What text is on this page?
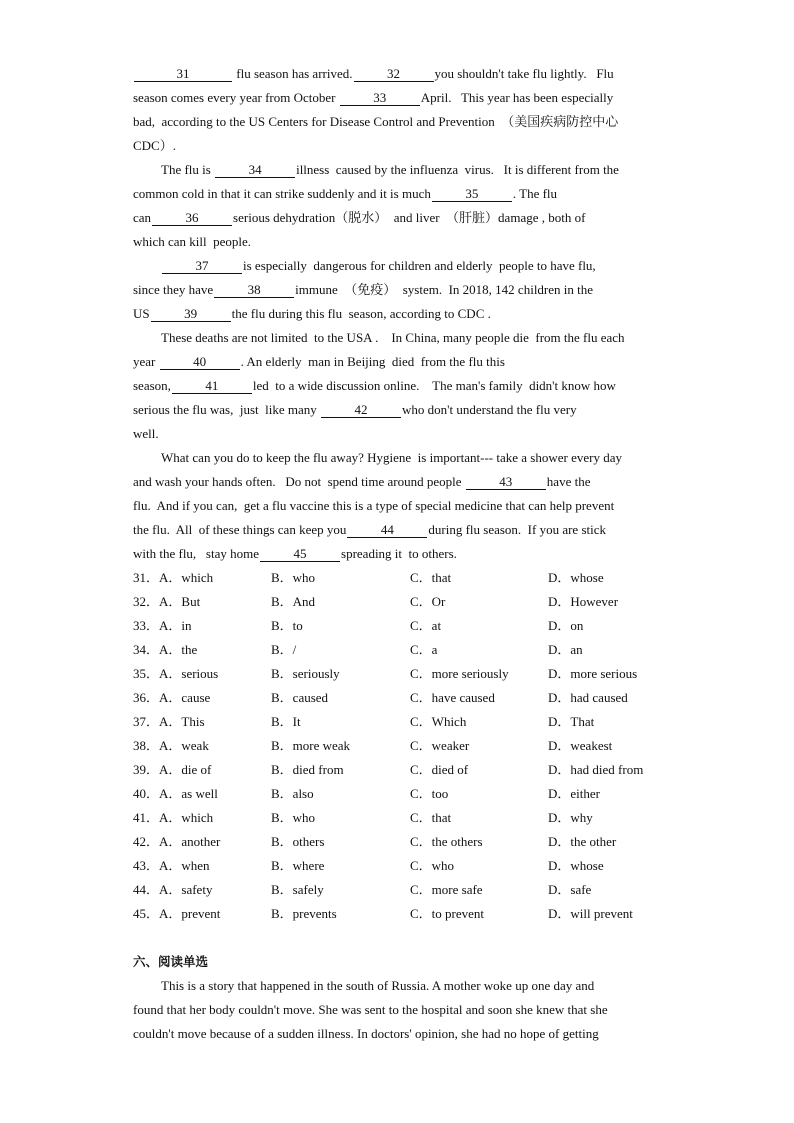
31	flu season has arrived.	32	you shouldn't take flu lightly.   Flu
season comes every year from October	33	April.   This year has been especially
bad,  according to the US Centers for Disease Control and Prevention  （美国疾病防控中心
CDC）.
The flu is	34	illness  caused by the influenza  virus.   It is different from the
common cold in that it can strike suddenly and it is much	35	. The flu
can	36	serious dehydration（脱水）  and liver  （肝脏）damage , both of
which can kill  people.
37	is especially  dangerous for children and elderly  people to have flu,
since they have	38	immune  （免疫）  system.  In 2018, 142 children in the
US	39	the flu during this flu  season, according to CDC .
These deaths are not limited  to the USA .    In China, many people die  from the flu each
year	40	. An elderly  man in Beijing  died  from the flu this
season,	41	led  to a wide discussion online.    The man's family  didn't know how
serious the flu was,  just  like many	42	who don't understand the flu very
well.
What can you do to keep the flu away? Hygiene  is important--- take a shower every day
and wash your hands often.   Do not  spend time around people	43	have the
flu.  And if you can,  get a flu vaccine this is a type of special medicine that can help prevent
the flu.  All  of these things can keep you	44	during flu season.  If you are stick
with the flu,   stay home	45	spreading it  to others.
31．A．which	B．who	C．that	D．whose
32．A．But	B．And	C．Or	D．However
33．A．in	B．to	C．at	D．on
34．A．the	B．/	C．a	D．an
35．A．serious	B．seriously	C．more seriously	D．more serious
36．A．cause	B．caused	C．have caused	D．had caused
37．A．This	B．It	C．Which	D．That
38．A．weak	B．more weak	C．weaker	D．weakest
39．A．die of	B．died from	C．died of	D．had died from
40．A．as well	B．also	C．too	D．either
41．A．which	B．who	C．that	D．why
42．A．another	B．others	C．the others	D．the other
43．A．when	B．where	C．who	D．whose
44．A．safety	B．safely	C．more safe	D．safe
45．A．prevent	B．prevents	C．to prevent	D．will prevent
六、阅读单选
This is a story that happened in the south of Russia. A mother woke up one day and
found that her body couldn't move. She was sent to the hospital and soon she knew that she
couldn't move because of a sudden illness. In doctors' opinion, she had no hope of getting
